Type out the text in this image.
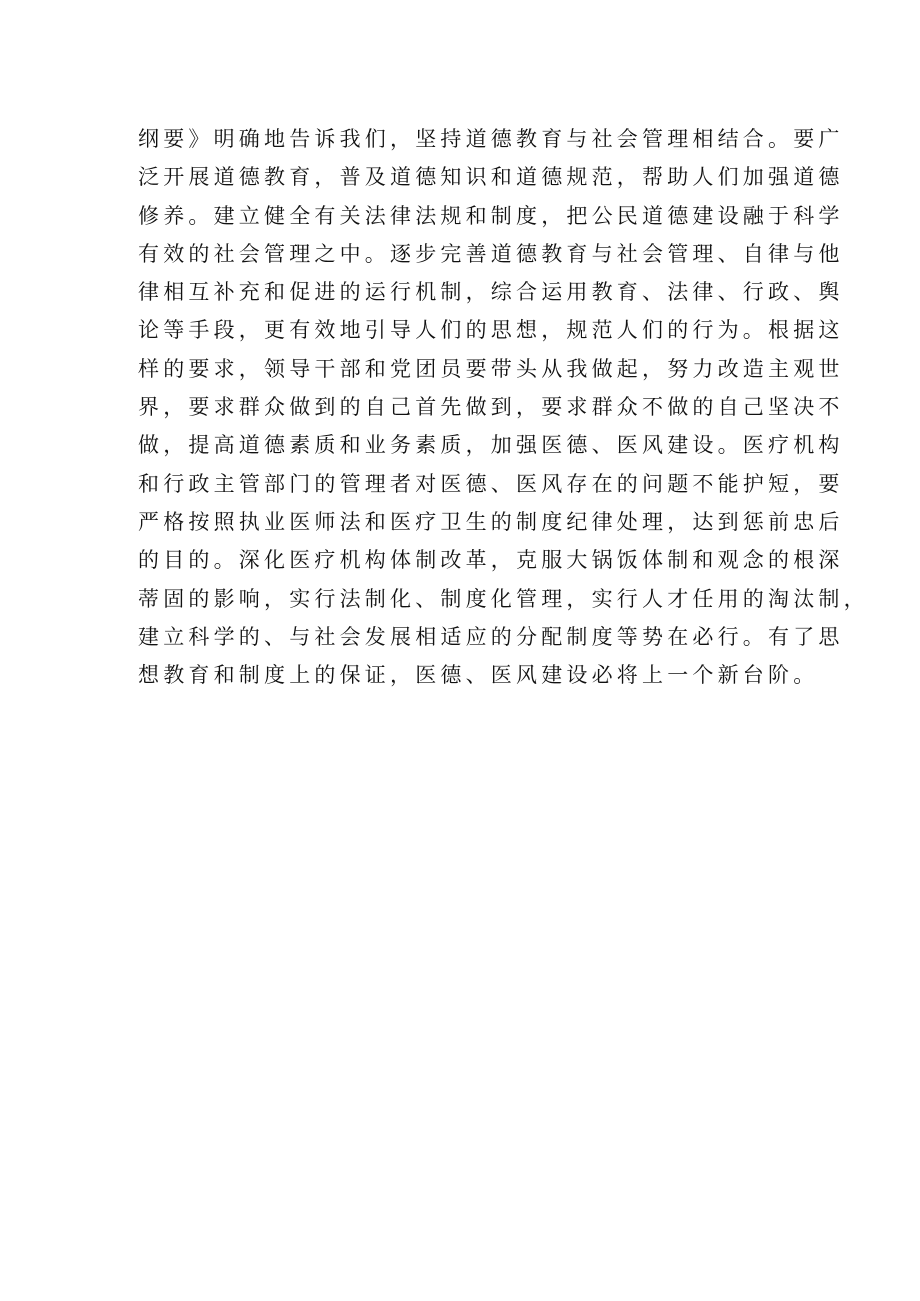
纲要》明确地告诉我们，坚持道德教育与社会管理相结合。要广
泛开展道德教育，普及道德知识和道德规范，帮助人们加强道德
修养。建立健全有关法律法规和制度，把公民道德建设融于科学
有效的社会管理之中。逐步完善道德教育与社会管理、自律与他
律相互补充和促进的运行机制，综合运用教育、法律、行政、舆
论等手段，更有效地引导人们的思想，规范人们的行为。根据这
样的要求，领导干部和党团员要带头从我做起，努力改造主观世
界，要求群众做到的自己首先做到，要求群众不做的自己坚决不
做，提高道德素质和业务素质，加强医德、医风建设。医疗机构
和行政主管部门的管理者对医德、医风存在的问题不能护短，要
严格按照执业医师法和医疗卫生的制度纪律处理，达到惩前忠后
的目的。深化医疗机构体制改革，克服大锅饭体制和观念的根深
蒂固的影响，实行法制化、制度化管理，实行人才任用的淘汰制，
建立科学的、与社会发展相适应的分配制度等势在必行。有了思
想教育和制度上的保证，医德、医风建设必将上一个新台阶。
